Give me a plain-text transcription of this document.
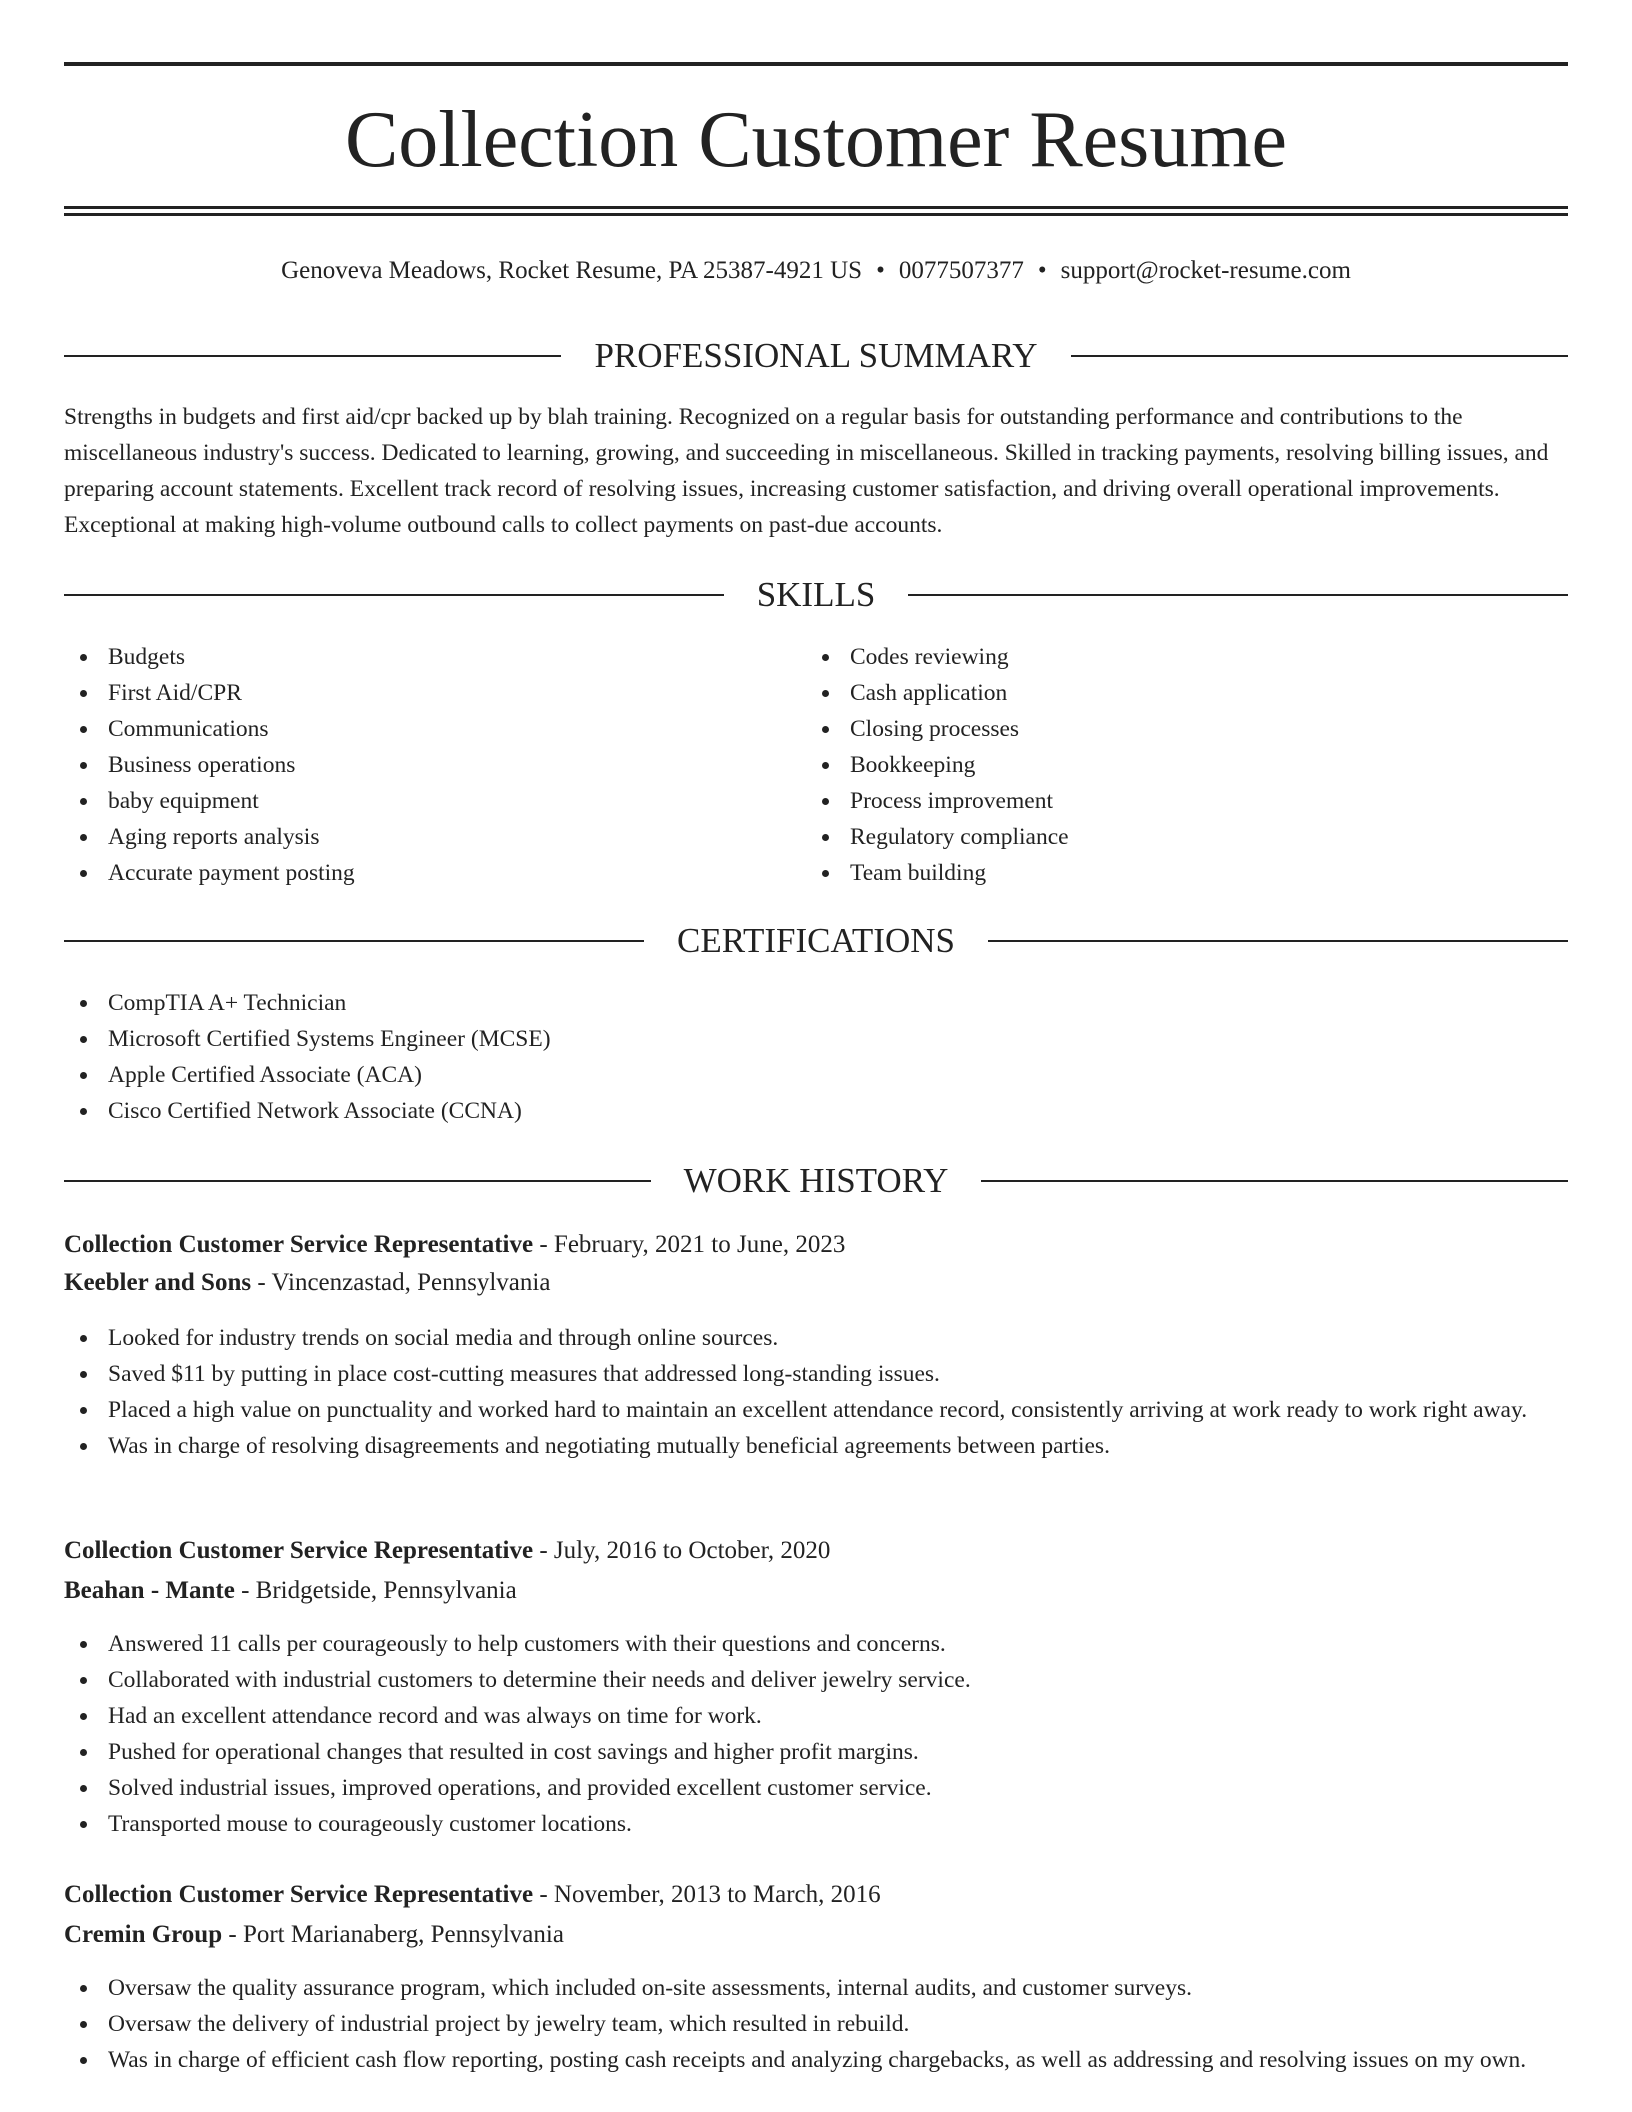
Collection Customer Resume
Genoveva Meadows, Rocket Resume, PA 25387-4921 US • 0077507377 • support@rocket-resume.com
PROFESSIONAL SUMMARY

Strengths in budgets and first aid/cpr backed up by blah training. Recognized on a regular basis for outstanding performance and contributions to the miscellaneous industry's success. Dedicated to learning, growing, and succeeding in miscellaneous. Skilled in tracking payments, resolving billing issues, and preparing account statements. Excellent track record of resolving issues, increasing customer satisfaction, and driving overall operational improvements. Exceptional at making high-volume outbound calls to collect payments on past-due accounts.

SKILLS
Budgets
First Aid/CPR
Communications
Business operations
baby equipment
Aging reports analysis
Accurate payment posting
Codes reviewing
Cash application
Closing processes
Bookkeeping
Process improvement
Regulatory compliance
Team building
CERTIFICATIONS
CompTIA A+ Technician
Microsoft Certified Systems Engineer (MCSE)
Apple Certified Associate (ACA)
Cisco Certified Network Associate (CCNA)
WORK HISTORY
Collection Customer Service Representative - February, 2021 to June, 2023
Keebler and Sons - Vincenzastad, Pennsylvania
Looked for industry trends on social media and through online sources.
Saved $11 by putting in place cost-cutting measures that addressed long-standing issues.
Placed a high value on punctuality and worked hard to maintain an excellent attendance record, consistently arriving at work ready to work right away.
Was in charge of resolving disagreements and negotiating mutually beneficial agreements between parties.
Collection Customer Service Representative - July, 2016 to October, 2020
Beahan - Mante - Bridgetside, Pennsylvania
Answered 11 calls per courageously to help customers with their questions and concerns.
Collaborated with industrial customers to determine their needs and deliver jewelry service.
Had an excellent attendance record and was always on time for work.
Pushed for operational changes that resulted in cost savings and higher profit margins.
Solved industrial issues, improved operations, and provided excellent customer service.
Transported mouse to courageously customer locations.
Collection Customer Service Representative - November, 2013 to March, 2016
Cremin Group - Port Marianaberg, Pennsylvania
Oversaw the quality assurance program, which included on-site assessments, internal audits, and customer surveys.
Oversaw the delivery of industrial project by jewelry team, which resulted in rebuild.
Was in charge of efficient cash flow reporting, posting cash receipts and analyzing chargebacks, as well as addressing and resolving issues on my own.
